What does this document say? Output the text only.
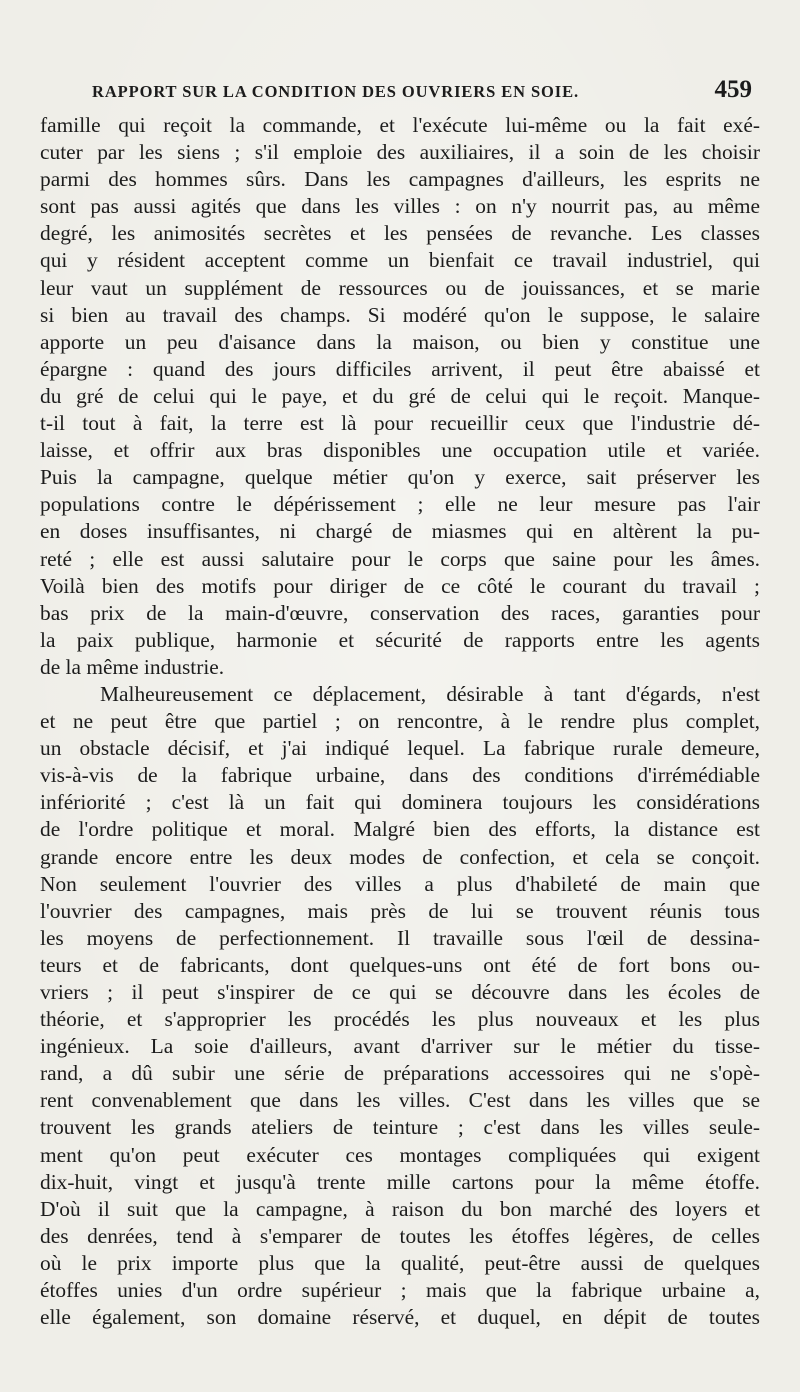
RAPPORT SUR LA CONDITION DES OUVRIERS EN SOIE.	459
famille qui reçoit la commande, et l'exécute lui-même ou la fait exé-
cuter par les siens ; s'il emploie des auxiliaires, il a soin de les choisir
parmi des hommes sûrs. Dans les campagnes d'ailleurs, les esprits ne
sont pas aussi agités que dans les villes : on n'y nourrit pas, au même
degré, les animosités secrètes et les pensées de revanche. Les classes
qui y résident acceptent comme un bienfait ce travail industriel, qui
leur vaut un supplément de ressources ou de jouissances, et se marie
si bien au travail des champs. Si modéré qu'on le suppose, le salaire
apporte un peu d'aisance dans la maison, ou bien y constitue une
épargne : quand des jours difficiles arrivent, il peut être abaissé et
du gré de celui qui le paye, et du gré de celui qui le reçoit. Manque-
t-il tout à fait, la terre est là pour recueillir ceux que l'industrie dé-
laisse, et offrir aux bras disponibles une occupation utile et variée.
Puis la campagne, quelque métier qu'on y exerce, sait préserver les
populations contre le dépérissement ; elle ne leur mesure pas l'air
en doses insuffisantes, ni chargé de miasmes qui en altèrent la pu-
reté ; elle est aussi salutaire pour le corps que saine pour les âmes.
Voilà bien des motifs pour diriger de ce côté le courant du travail ;
bas prix de la main-d'œuvre, conservation des races, garanties pour
la paix publique, harmonie et sécurité de rapports entre les agents
de la même industrie.
Malheureusement ce déplacement, désirable à tant d'égards, n'est
et ne peut être que partiel ; on rencontre, à le rendre plus complet,
un obstacle décisif, et j'ai indiqué lequel. La fabrique rurale demeure,
vis-à-vis de la fabrique urbaine, dans des conditions d'irrémédiable
infériorité ; c'est là un fait qui dominera toujours les considérations
de l'ordre politique et moral. Malgré bien des efforts, la distance est
grande encore entre les deux modes de confection, et cela se conçoit.
Non seulement l'ouvrier des villes a plus d'habileté de main que
l'ouvrier des campagnes, mais près de lui se trouvent réunis tous
les moyens de perfectionnement. Il travaille sous l'œil de dessina-
teurs et de fabricants, dont quelques-uns ont été de fort bons ou-
vriers ; il peut s'inspirer de ce qui se découvre dans les écoles de
théorie, et s'approprier les procédés les plus nouveaux et les plus
ingénieux. La soie d'ailleurs, avant d'arriver sur le métier du tisse-
rand, a dû subir une série de préparations accessoires qui ne s'opè-
rent convenablement que dans les villes. C'est dans les villes que se
trouvent les grands ateliers de teinture ; c'est dans les villes seule-
ment qu'on peut exécuter ces montages compliquées qui exigent
dix-huit, vingt et jusqu'à trente mille cartons pour la même étoffe.
D'où il suit que la campagne, à raison du bon marché des loyers et
des denrées, tend à s'emparer de toutes les étoffes légères, de celles
où le prix importe plus que la qualité, peut-être aussi de quelques
étoffes unies d'un ordre supérieur ; mais que la fabrique urbaine a,
elle également, son domaine réservé, et duquel, en dépit de toutes
